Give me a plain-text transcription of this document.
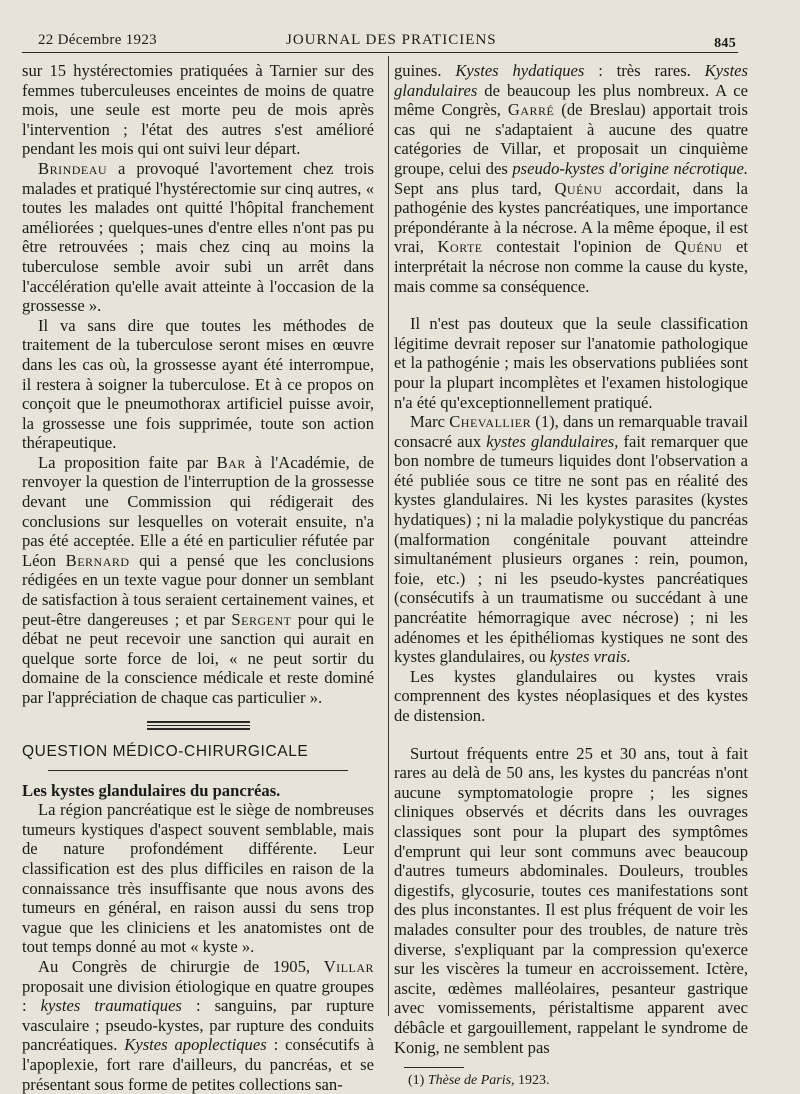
22 Décembre 1923	JOURNAL DES PRATICIENS	845

sur 15 hystérectomies pratiquées à Tarnier sur des femmes tuberculeuses enceintes de moins de quatre mois, une seule est morte peu de mois après l'intervention ; l'état des autres s'est amélioré pendant les mois qui ont suivi leur départ.

Brindeau a provoqué l'avortement chez trois malades et pratiqué l'hystérectomie sur cinq autres, « toutes les malades ont quitté l'hôpital franchement améliorées ; quelques-unes d'entre elles n'ont pas pu être retrouvées ; mais chez cinq au moins la tuberculose semble avoir subi un arrêt dans l'accélération qu'elle avait atteinte à l'occasion de la grossesse ».

Il va sans dire que toutes les méthodes de traitement de la tuberculose seront mises en œuvre dans les cas où, la grossesse ayant été interrompue, il restera à soigner la tuberculose. Et à ce propos on conçoit que le pneumothorax artificiel puisse avoir, la grossesse une fois supprimée, toute son action thérapeutique.

La proposition faite par Bar à l'Académie, de renvoyer la question de l'interruption de la grossesse devant une Commission qui rédigerait des conclusions sur lesquelles on voterait ensuite, n'a pas été acceptée. Elle a été en particulier réfutée par Léon Bernard qui a pensé que les conclusions rédigées en un texte vague pour donner un semblant de satisfaction à tous seraient certainement vaines, et peut-être dangereuses ; et par Sergent pour qui le débat ne peut recevoir une sanction qui aurait en quelque sorte force de loi, « ne peut sortir du domaine de la conscience médicale et reste dominé par l'appréciation de chaque cas particulier ».

QUESTION MÉDICO-CHIRURGICALE

Les kystes glandulaires du pancréas.

La région pancréatique est le siège de nombreuses tumeurs kystiques d'aspect souvent semblable, mais de nature profondément différente. Leur classification est des plus difficiles en raison de la connaissance très insuffisante que nous avons des tumeurs en général, en raison aussi du sens trop vague que les cliniciens et les anatomistes ont de tout temps donné au mot « kyste ».

Au Congrès de chirurgie de 1905, Villar proposait une division étiologique en quatre groupes : kystes traumatiques : sanguins, par rupture vasculaire ; pseudo-kystes, par rupture des conduits pancréatiques. Kystes apoplectiques : consécutifs à l'apoplexie, fort rare d'ailleurs, du pancréas, et se présentant sous forme de petites collections san-

guines. Kystes hydatiques : très rares. Kystes glandulaires de beaucoup les plus nombreux. A ce même Congrès, Garré (de Breslau) apportait trois cas qui ne s'adaptaient à aucune des quatre catégories de Villar, et proposait un cinquième groupe, celui des pseudo-kystes d'origine nécrotique. Sept ans plus tard, Quénu accordait, dans la pathogénie des kystes pancréatiques, une importance prépondérante à la nécrose. A la même époque, il est vrai, Korte contestait l'opinion de Quénu et interprétait la nécrose non comme la cause du kyste, mais comme sa conséquence.

Il n'est pas douteux que la seule classification légitime devrait reposer sur l'anatomie pathologique et la pathogénie ; mais les observations publiées sont pour la plupart incomplètes et l'examen histologique n'a été qu'exceptionnellement pratiqué.

Marc Chevallier (1), dans un remarquable travail consacré aux kystes glandulaires, fait remarquer que bon nombre de tumeurs liquides dont l'observation a été publiée sous ce titre ne sont pas en réalité des kystes glandulaires. Ni les kystes parasites (kystes hydatiques) ; ni la maladie polykystique du pancréas (malformation congénitale pouvant atteindre simultanément plusieurs organes : rein, poumon, foie, etc.) ; ni les pseudo-kystes pancréatiques (consécutifs à un traumatisme ou succédant à une pancréatite hémorragique avec nécrose) ; ni les adénomes et les épithéliomas kystiques ne sont des kystes glandulaires, ou kystes vrais.

Les kystes glandulaires ou kystes vrais comprennent des kystes néoplasiques et des kystes de distension.

Surtout fréquents entre 25 et 30 ans, tout à fait rares au delà de 50 ans, les kystes du pancréas n'ont aucune symptomatologie propre ; les signes cliniques observés et décrits dans les ouvrages classiques sont pour la plupart des symptômes d'emprunt qui leur sont communs avec beaucoup d'autres tumeurs abdominales. Douleurs, troubles digestifs, glycosurie, toutes ces manifestations sont des plus inconstantes. Il est plus fréquent de voir les malades consulter pour des troubles, de nature très diverse, s'expliquant par la compression qu'exerce sur les viscères la tumeur en accroissement. Ictère, ascite, œdèmes malléolaires, pesanteur gastrique avec vomissements, péristaltisme apparent avec débâcle et gargouillement, rappelant le syndrome de Konig, ne semblent pas

(1) Thèse de Paris, 1923.
